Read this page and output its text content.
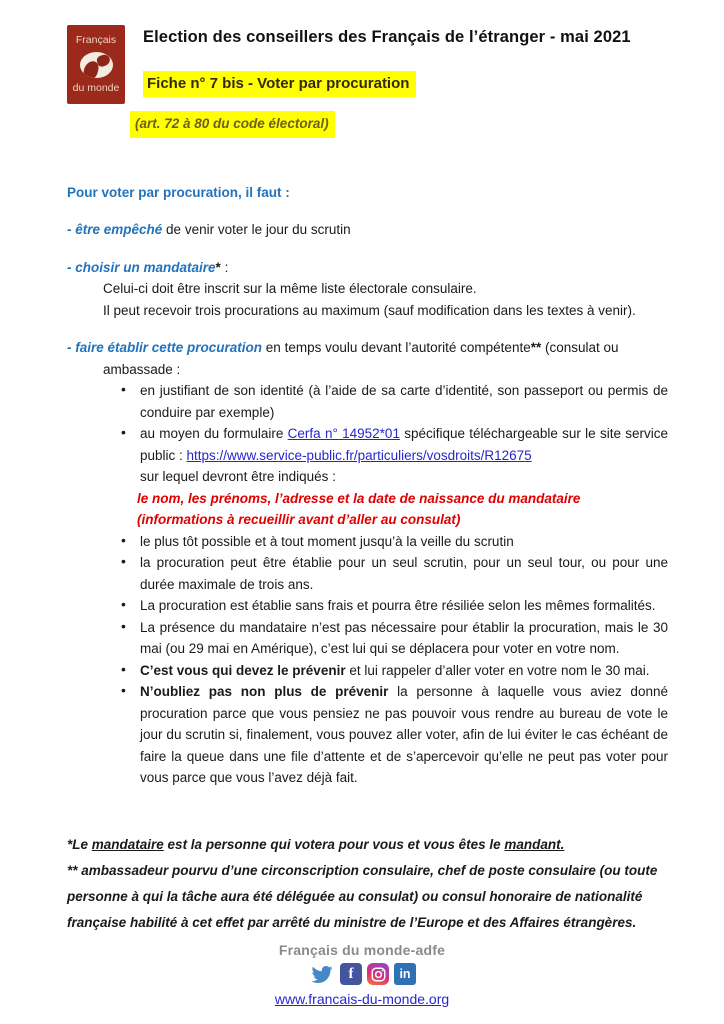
Français
du monde
Election des conseillers des Français de l’étranger - mai 2021
Fiche n° 7 bis - Voter par procuration
(art. 72 à 80 du code électoral)
Pour voter par procuration, il faut :
- être empêché de venir voter le jour du scrutin
- choisir un mandataire* :
Celui-ci doit être inscrit sur la même liste électorale consulaire.
Il peut recevoir trois procurations au maximum (sauf modification dans les textes à venir).
- faire établir cette procuration en temps voulu devant l’autorité compétente** (consulat ou
ambassade :
• en justifiant de son identité (à l’aide de sa carte d’identité, son passeport ou permis de conduire par exemple)
• au moyen du formulaire Cerfa n° 14952*01 spécifique téléchargeable sur le site service public : https://www.service-public.fr/particuliers/vosdroits/R12675
sur lequel devront être indiqués :
le nom, les prénoms, l’adresse et la date de naissance du mandataire
(informations à recueillir avant d’aller au consulat)
• le plus tôt possible et à tout moment jusqu’à la veille du scrutin
• la procuration peut être établie pour un seul scrutin, pour un seul tour, ou pour une durée maximale de trois ans.
• La procuration est établie sans frais et pourra être résiliée selon les mêmes formalités.
• La présence du mandataire n’est pas nécessaire pour établir la procuration, mais le 30 mai (ou 29 mai en Amérique), c’est lui qui se déplacera pour voter en votre nom.
• C’est vous qui devez le prévenir et lui rappeler d’aller voter en votre nom le 30 mai.
• N’oubliez pas non plus de prévenir la personne à laquelle vous aviez donné procuration parce que vous pensiez ne pas pouvoir vous rendre au bureau de vote le jour du scrutin si, finalement, vous pouvez aller voter, afin de lui éviter le cas échéant de faire la queue dans une file d’attente et de s’apercevoir qu’elle ne peut pas voter pour vous parce que vous l’avez déjà fait.
*Le mandataire est la personne qui votera pour vous et vous êtes le mandant.
** ambassadeur pourvu d’une circonscription consulaire, chef de poste consulaire (ou toute personne à qui la tâche aura été déléguée au consulat) ou consul honoraire de nationalité française habilité à cet effet par arrêté du ministre de l’Europe et des Affaires étrangères.
Français du monde-adfe
f	in
www.francais-du-monde.org
